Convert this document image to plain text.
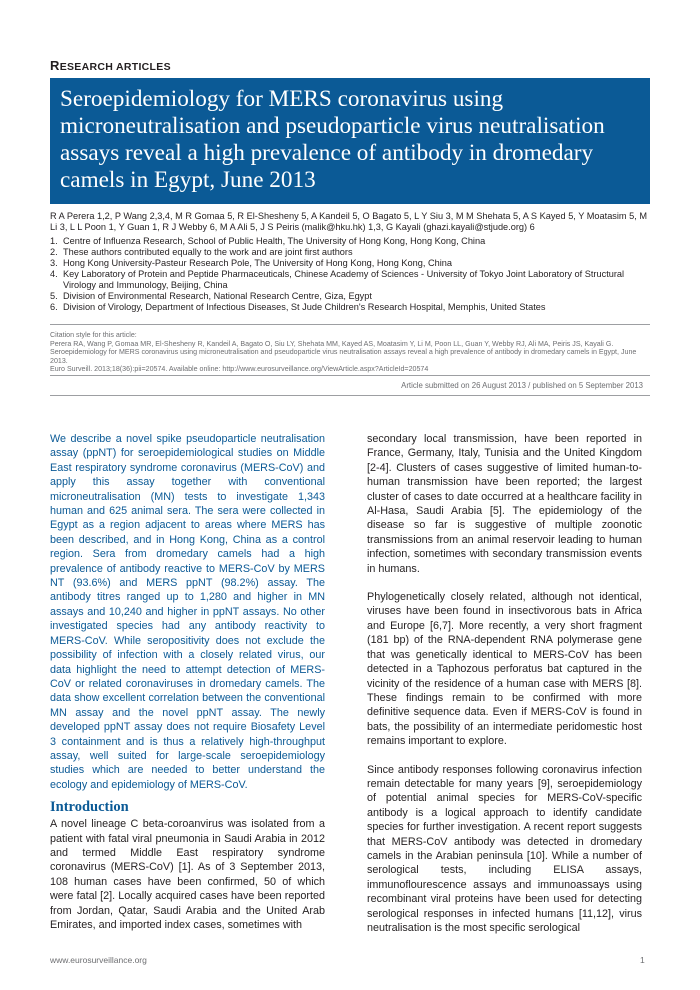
RESEARCH ARTICLES
Seroepidemiology for MERS coronavirus using microneutralisation and pseudoparticle virus neutralisation assays reveal a high prevalence of antibody in dromedary camels in Egypt, June 2013
R A Perera 1,2, P Wang 2,3,4, M R Gomaa 5, R El-Shesheny 5, A Kandeil 5, O Bagato 5, L Y Siu 3, M M Shehata 5, A S Kayed 5, Y Moatasim 5, M Li 3, L L Poon 1, Y Guan 1, R J Webby 6, M A Ali 5, J S Peiris (malik@hku.hk) 1,3, G Kayali (ghazi.kayali@stjude.org) 6
1. Centre of Influenza Research, School of Public Health, The University of Hong Kong, Hong Kong, China
2. These authors contributed equally to the work and are joint first authors
3. Hong Kong University-Pasteur Research Pole, The University of Hong Kong, Hong Kong, China
4. Key Laboratory of Protein and Peptide Pharmaceuticals, Chinese Academy of Sciences - University of Tokyo Joint Laboratory of Structural Virology and Immunology, Beijing, China
5. Division of Environmental Research, National Research Centre, Giza, Egypt
6. Division of Virology, Department of Infectious Diseases, St Jude Children's Research Hospital, Memphis, United States
Citation style for this article:
Perera RA, Wang P, Gomaa MR, El-Shesheny R, Kandeil A, Bagato O, Siu LY, Shehata MM, Kayed AS, Moatasim Y, Li M, Poon LL, Guan Y, Webby RJ, Ali MA, Peiris JS, Kayali G. Seroepidemiology for MERS coronavirus using microneutralisation and pseudoparticle virus neutralisation assays reveal a high prevalence of antibody in dromedary camels in Egypt, June 2013.
Euro Surveill. 2013;18(36):pii=20574. Available online: http://www.eurosurveillance.org/ViewArticle.aspx?ArticleId=20574
Article submitted on 26 August 2013 / published on 5 September 2013

We describe a novel spike pseudoparticle neutralisation assay (ppNT) for seroepidemiological studies on Middle East respiratory syndrome coronavirus (MERS-CoV) and apply this assay together with conventional microneutralisation (MN) tests to investigate 1,343 human and 625 animal sera. The sera were collected in Egypt as a region adjacent to areas where MERS has been described, and in Hong Kong, China as a control region. Sera from dromedary camels had a high prevalence of antibody reactive to MERS-CoV by MERS NT (93.6%) and MERS ppNT (98.2%) assay. The antibody titres ranged up to 1,280 and higher in MN assays and 10,240 and higher in ppNT assays. No other investigated species had any antibody reactivity to MERS-CoV. While seropositivity does not exclude the possibility of infection with a closely related virus, our data highlight the need to attempt detection of MERS-CoV or related coronaviruses in dromedary camels. The data show excellent correlation between the conventional MN assay and the novel ppNT assay. The newly developed ppNT assay does not require Biosafety Level 3 containment and is thus a relatively high-throughput assay, well suited for large-scale seroepidemiology studies which are needed to better understand the ecology and epidemiology of MERS-CoV.

Introduction

A novel lineage C beta-coroanvirus was isolated from a patient with fatal viral pneumonia in Saudi Arabia in 2012 and termed Middle East respiratory syndrome coronavirus (MERS-CoV) [1]. As of 3 September 2013, 108 human cases have been confirmed, 50 of which were fatal [2]. Locally acquired cases have been reported from Jordan, Qatar, Saudi Arabia and the United Arab Emirates, and imported index cases, sometimes with

secondary local transmission, have been reported in France, Germany, Italy, Tunisia and the United Kingdom [2-4]. Clusters of cases suggestive of limited human-to-human transmission have been reported; the largest cluster of cases to date occurred at a healthcare facility in Al-Hasa, Saudi Arabia [5]. The epidemiology of the disease so far is suggestive of multiple zoonotic transmissions from an animal reservoir leading to human infection, sometimes with secondary transmission events in humans.

Phylogenetically closely related, although not identical, viruses have been found in insectivorous bats in Africa and Europe [6,7]. More recently, a very short fragment (181 bp) of the RNA-dependent RNA polymerase gene that was genetically identical to MERS-CoV has been detected in a Taphozous perforatus bat captured in the vicinity of the residence of a human case with MERS [8]. These findings remain to be confirmed with more definitive sequence data. Even if MERS-CoV is found in bats, the possibility of an intermediate peridomestic host remains important to explore.

Since antibody responses following coronavirus infection remain detectable for many years [9], seroepidemiology of potential animal species for MERS-CoV-specific antibody is a logical approach to identify candidate species for further investigation. A recent report suggests that MERS-CoV antibody was detected in dromedary camels in the Arabian peninsula [10]. While a number of serological tests, including ELISA assays, immunoflourescence assays and immunoassays using recombinant viral proteins have been used for detecting serological responses in infected humans [11,12], virus neutralisation is the most specific serological

www.eurosurveillance.org	1
